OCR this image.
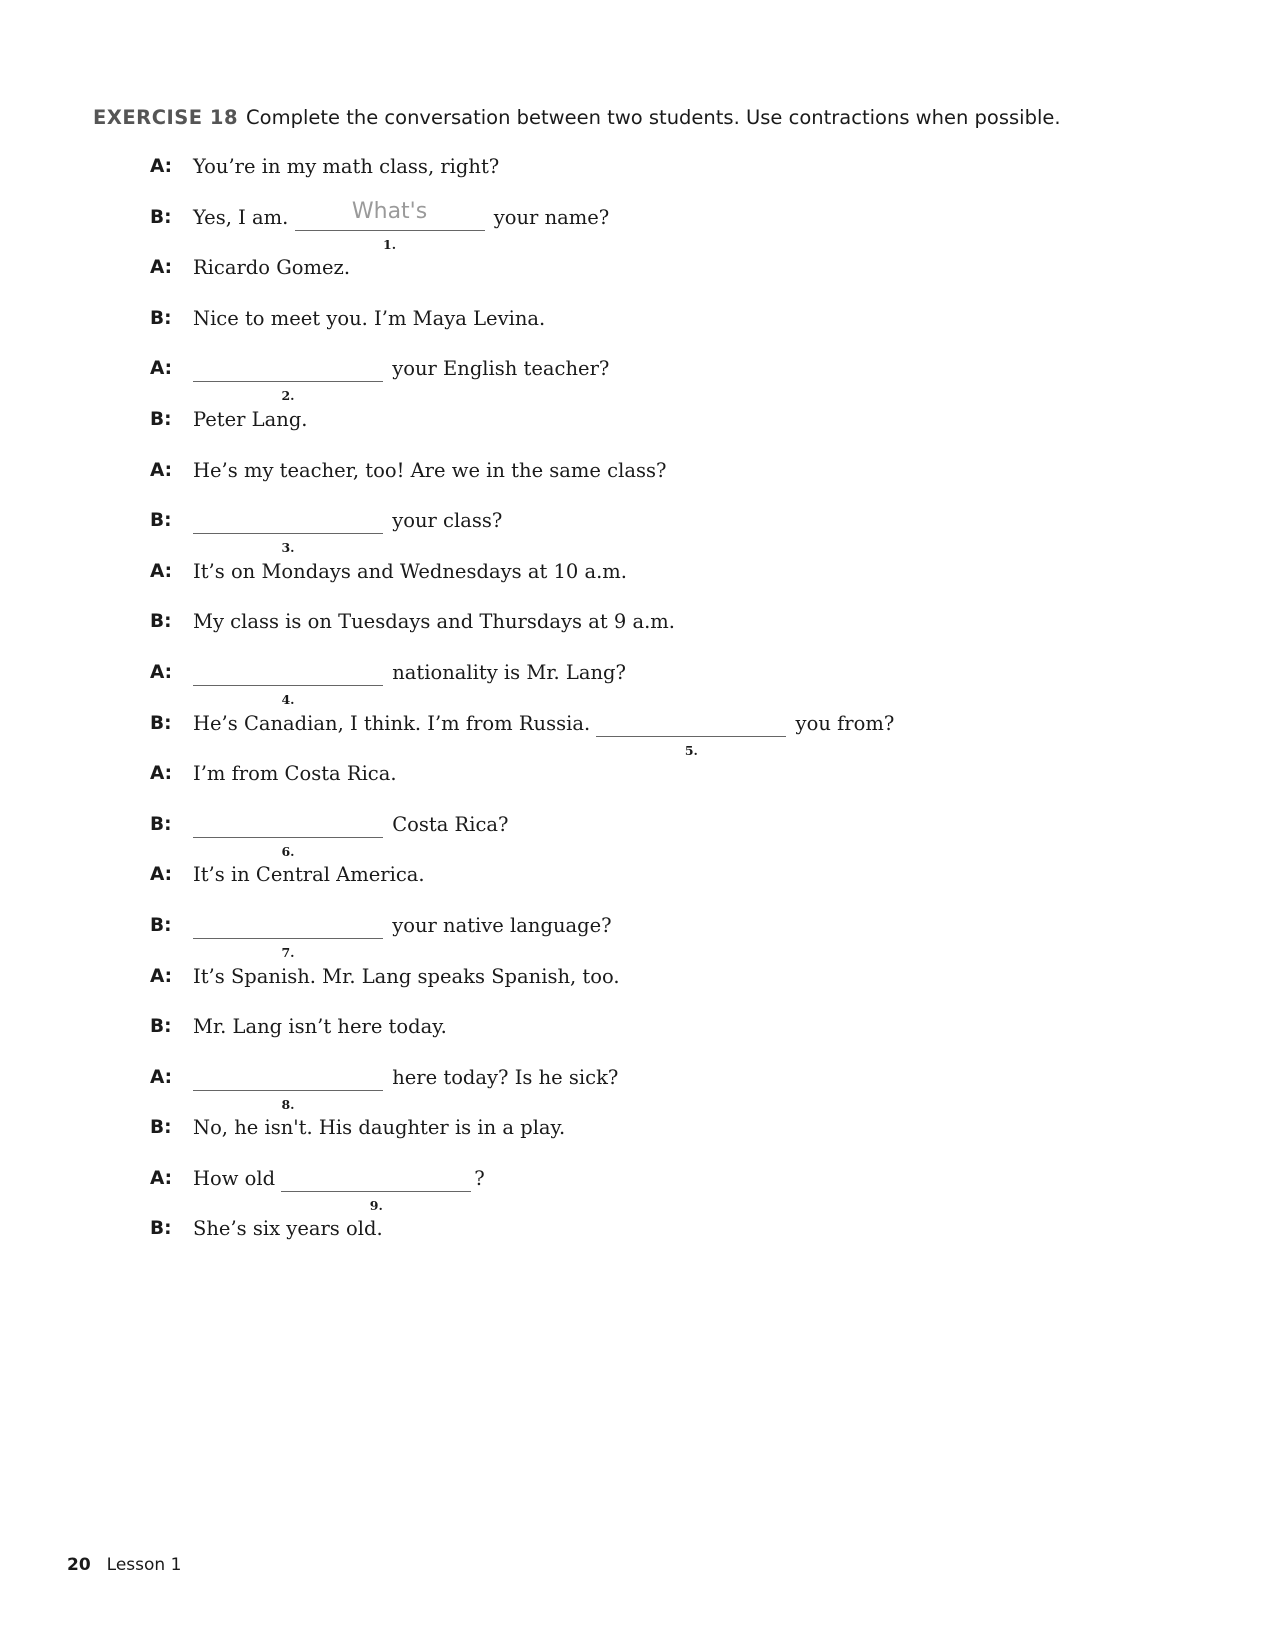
EXERCISE 18 Complete the conversation between two students. Use contractions when possible.
A:	You’re in my math class, right?
B:	Yes, I am.	What's
1.
your name?
A:	Ricardo Gomez.
B:	Nice to meet you. I’m Maya Levina.
A:
2.
your English teacher?
B:	Peter Lang.
A:	He’s my teacher, too! Are we in the same class?
B:
3.
your class?
A:	It’s on Mondays and Wednesdays at 10 a.m.
B:	My class is on Tuesdays and Thursdays at 9 a.m.
A:
4.
nationality is Mr. Lang?
B:	He’s Canadian, I think. I’m from Russia.
5.
you from?
A:	I’m from Costa Rica.
B:
6.
Costa Rica?
A:	It’s in Central America.
B:
7.
your native language?
A:	It’s Spanish. Mr. Lang speaks Spanish, too.
B:	Mr. Lang isn’t here today.
A:
8.
here today? Is he sick?
B:	No, he isn't. His daughter is in a play.
A:	How old
9.
?
B:	She’s six years old.
20 Lesson 1
